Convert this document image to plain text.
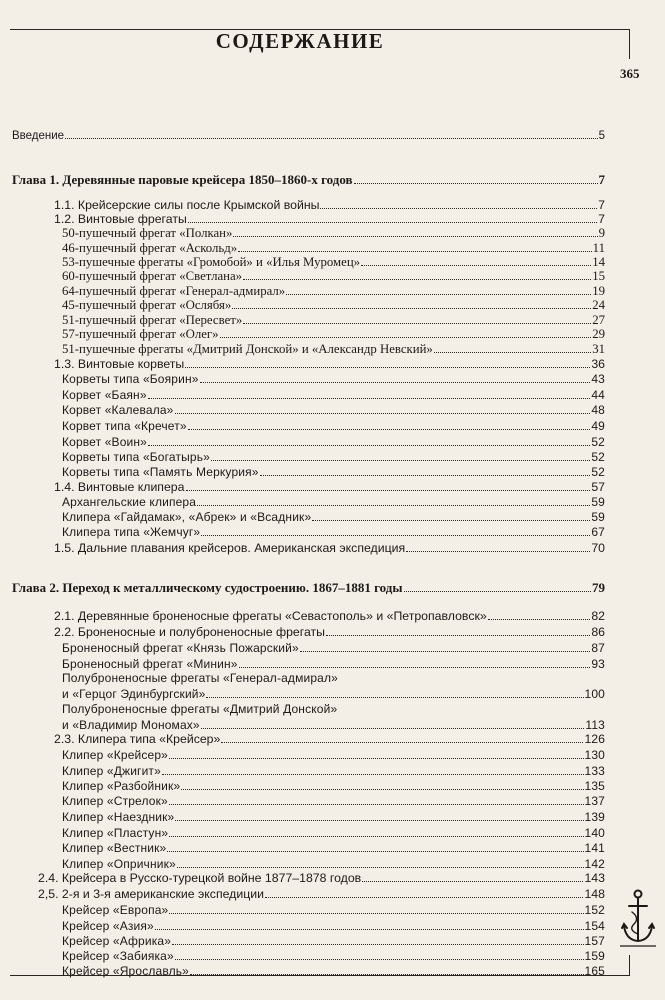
СОДЕРЖАНИЕ
365
Введение	5
Глава 1. Деревянные паровые крейсера 1850–1860-х годов	7
1.1. Крейсерские силы после Крымской войны	7
1.2. Винтовые фрегаты	7
50-пушечный фрегат «Полкан»	9
46-пушечный фрегат «Аскольд»	11
53-пушечные фрегаты «Громобой» и «Илья Муромец»	14
60-пушечный фрегат «Светлана»	15
64-пушечный фрегат «Генерал-адмирал»	19
45-пушечный фрегат «Ослябя»	24
51-пушечный фрегат «Пересвет»	27
57-пушечный фрегат «Олег»	29
51-пушечные фрегаты «Дмитрий Донской» и «Александр Невский»	31
1.3. Винтовые корветы	36
Корветы типа «Боярин»	43
Корвет «Баян»	44
Корвет «Калевала»	48
Корвет типа «Кречет»	49
Корвет «Воин»	52
Корветы типа «Богатырь»	52
Корветы типа «Память Меркурия»	52
1.4. Винтовые клипера	57
Архангельские клипера	59
Клипера «Гайдамак», «Абрек» и «Всадник»	59
Клипера типа «Жемчуг»	67
1.5. Дальние плавания крейсеров. Американская экспедиция	70
Глава 2. Переход к металлическому судостроению. 1867–1881 годы	79
2.1. Деревянные броненосные фрегаты «Севастополь» и «Петропавловск»	82
2.2. Броненосные и полуброненосные фрегаты	86
Броненосный фрегат «Князь Пожарский»	87
Броненосный фрегат «Минин»	93
Полуброненосные фрегаты «Генерал-адмирал»
и «Герцог Эдинбургский»	100
Полуброненосные фрегаты «Дмитрий Донской»
и «Владимир Мономах»	113
2.3. Клипера типа «Крейсер»	126
Клипер «Крейсер»	130
Клипер «Джигит»	133
Клипер «Разбойник»	135
Клипер «Стрелок»	137
Клипер «Наездник»	139
Клипер «Пластун»	140
Клипер «Вестник»	141
Клипер «Опричник»	142
2.4. Крейсера в Русско-турецкой войне 1877–1878 годов	143
2,5. 2-я и 3-я американские экспедиции	148
Крейсер «Европа»	152
Крейсер «Азия»	154
Крейсер «Африка»	157
Крейсер «Забияка»	159
Крейсер «Ярославль»	165
